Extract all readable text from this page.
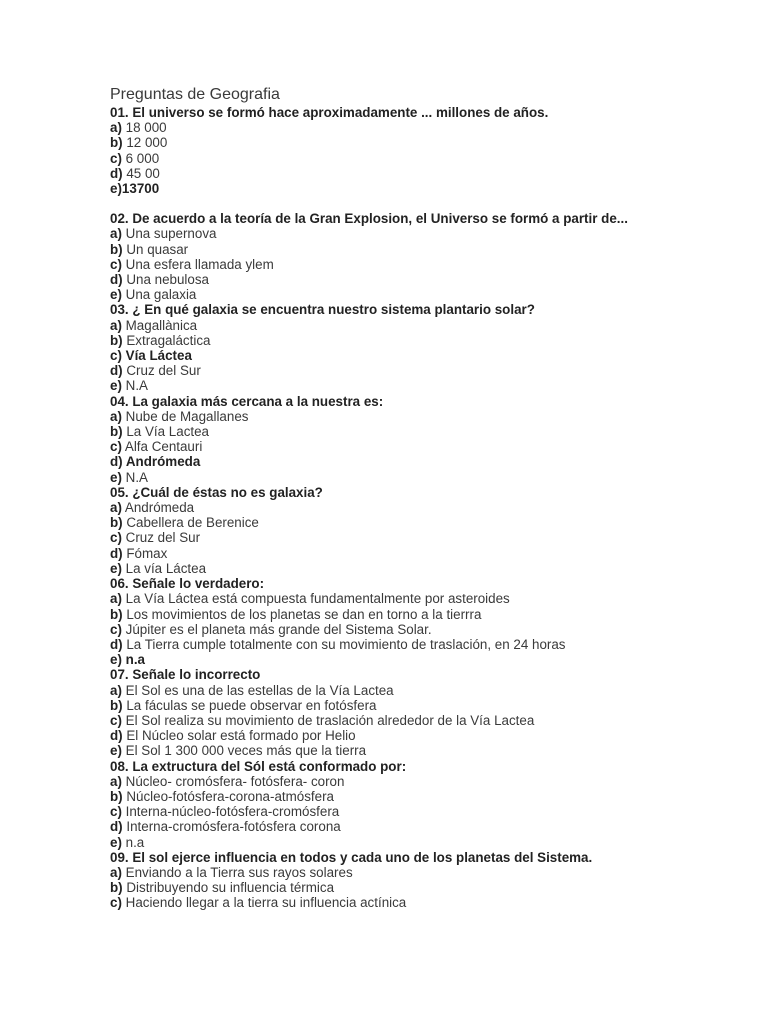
Preguntas de Geografia
01. El universo se formó hace aproximadamente ... millones de años.
a) 18 000
b) 12 000
c) 6 000
d) 45 00
e)13700
02. De acuerdo a la teoría de la Gran Explosion, el Universo se formó a partir de...
a) Una supernova
b) Un quasar
c) Una esfera llamada ylem
d) Una nebulosa
e) Una galaxia
03. ¿ En qué galaxia se encuentra nuestro sistema plantario solar?
a) Magallànica
b) Extragaláctica
c) Vía Láctea
d) Cruz del Sur
e) N.A
04. La galaxia más cercana a la nuestra es:
a) Nube de Magallanes
b) La Vía Lactea
c) Alfa Centauri
d) Andrómeda
e) N.A
05. ¿Cuál de éstas no es galaxia?
a) Andrómeda
b) Cabellera de Berenice
c) Cruz del Sur
d) Fómax
e) La vía Láctea
06. Señale lo verdadero:
a) La Vía Láctea está compuesta fundamentalmente por asteroides
b) Los movimientos de los planetas se dan en torno a la tierrra
c) Júpiter es el planeta más grande del Sistema Solar.
d) La Tierra cumple totalmente con su movimiento de traslación, en 24 horas
e) n.a
07. Señale lo incorrecto
a) El Sol es una de las estellas de la Vía Lactea
b) La fáculas se puede observar en fotósfera
c) El Sol realiza su movimiento de traslación alrededor de la Vía Lactea
d) El Núcleo solar está formado por Helio
e) El Sol 1 300 000 veces más que la tierra
08. La extructura del Sól está conformado por:
a) Núcleo- cromósfera- fotósfera- coron
b) Núcleo-fotósfera-corona-atmósfera
c) Interna-núcleo-fotósfera-cromósfera
d) Interna-cromósfera-fotósfera corona
e) n.a
09. El sol ejerce influencia en todos y cada uno de los planetas del Sistema.
a) Enviando a la Tierra sus rayos solares
b) Distribuyendo su influencia térmica
c) Haciendo llegar a la tierra su influencia actínica
